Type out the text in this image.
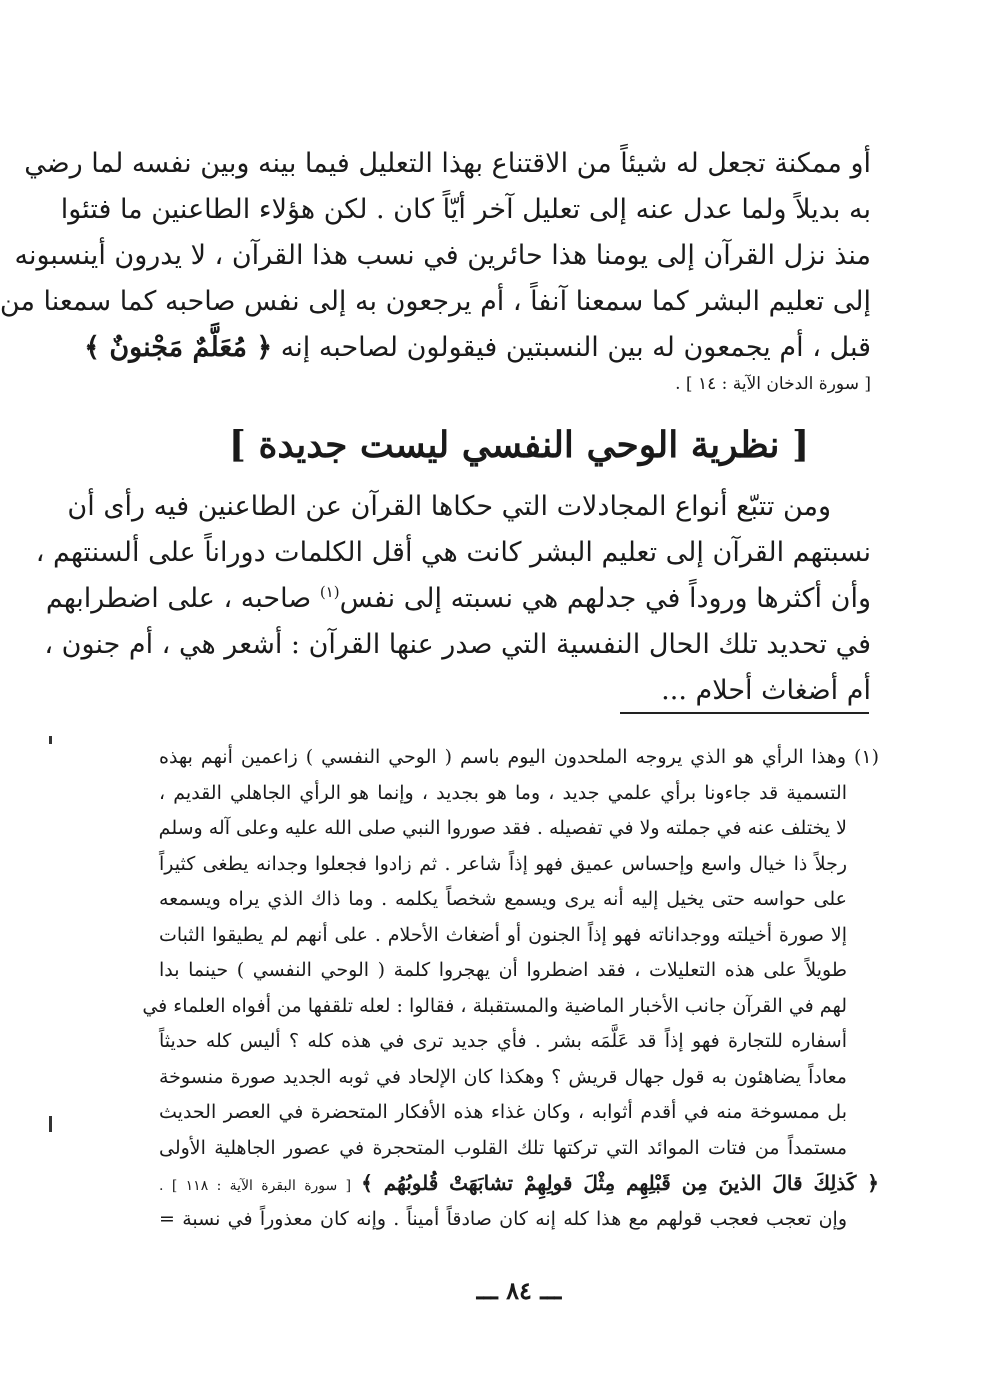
أو ممكنة تجعل له شيئاً من الاقتناع بهذا التعليل فيما بينه وبين نفسه لما رضي
به بديلاً ولما عدل عنه إلى تعليل آخر أيّاً كان . لكن هؤلاء الطاعنين ما فتئوا
منذ نزل القرآن إلى يومنا هذا حائرين في نسب هذا القرآن ، لا يدرون أينسبونه
إلى تعليم البشر كما سمعنا آنفاً ، أم يرجعون به إلى نفس صاحبه كما سمعنا من
قبل ، أم يجمعون له بين النسبتين فيقولون لصاحبه إنه ﴿ مُعَلَّمٌ مَجْنونٌ ﴾
[ سورة الدخان الآية : ١٤ ] .
[ نظرية الوحي النفسي ليست جديدة ]
ومن تتبّع أنواع المجادلات التي حكاها القرآن عن الطاعنين فيه رأى أن
نسبتهم القرآن إلى تعليم البشر كانت هي أقل الكلمات دوراناً على ألسنتهم ،
وأن أكثرها وروداً في جدلهم هي نسبته إلى نفس$^{(١)}$ صاحبه ، على اضطرابهم
في تحديد تلك الحال النفسية التي صدر عنها القرآن : أشعر هي ، أم جنون ،
أم أضغاث أحلام ...
(١) وهذا الرأي هو الذي يروجه الملحدون اليوم باسم ( الوحي النفسي ) زاعمين أنهم بهذه
التسمية قد جاءونا برأي علمي جديد ، وما هو بجديد ، وإنما هو الرأي الجاهلي القديم ،
لا يختلف عنه في جملته ولا في تفصيله . فقد صوروا النبي صلى الله عليه وعلى آله وسلم
رجلاً ذا خيال واسع وإحساس عميق فهو إذاً شاعر . ثم زادوا فجعلوا وجدانه يطغى كثيراً
على حواسه حتى يخيل إليه أنه يرى ويسمع شخصاً يكلمه . وما ذاك الذي يراه ويسمعه
إلا صورة أخيلته ووجداناته فهو إذاً الجنون أو أضغاث الأحلام . على أنهم لم يطيقوا الثبات
طويلاً على هذه التعليلات ، فقد اضطروا أن يهجروا كلمة ( الوحي النفسي ) حينما بدا
لهم في القرآن جانب الأخبار الماضية والمستقبلة ، فقالوا : لعله تلقفها من أفواه العلماء في
أسفاره للتجارة فهو إذاً قد عَلَّمَه بشر . فأي جديد ترى في هذه كله ؟ أليس كله حديثاً
معاداً يضاهئون به قول جهال قريش ؟ وهكذا كان الإلحاد في ثوبه الجديد صورة منسوخة
بل ممسوخة منه في أقدم أثوابه ، وكان غذاء هذه الأفكار المتحضرة في العصر الحديث
مستمداً من فتات الموائد التي تركتها تلك القلوب المتحجرة في عصور الجاهلية الأولى
﴿ كَذلِكَ قالَ الذينَ مِن قَبْلِهِم مِثْلَ قولِهِمْ تشابَهَتْ قُلوبُهُم ﴾ [ سورة البقرة الآية : ١١٨ ] .
وإن تعجب فعجب قولهم مع هذا كله إنه كان صادقاً أميناً . وإنه كان معذوراً في نسبة =
ـــ ٨٤ ـــ
